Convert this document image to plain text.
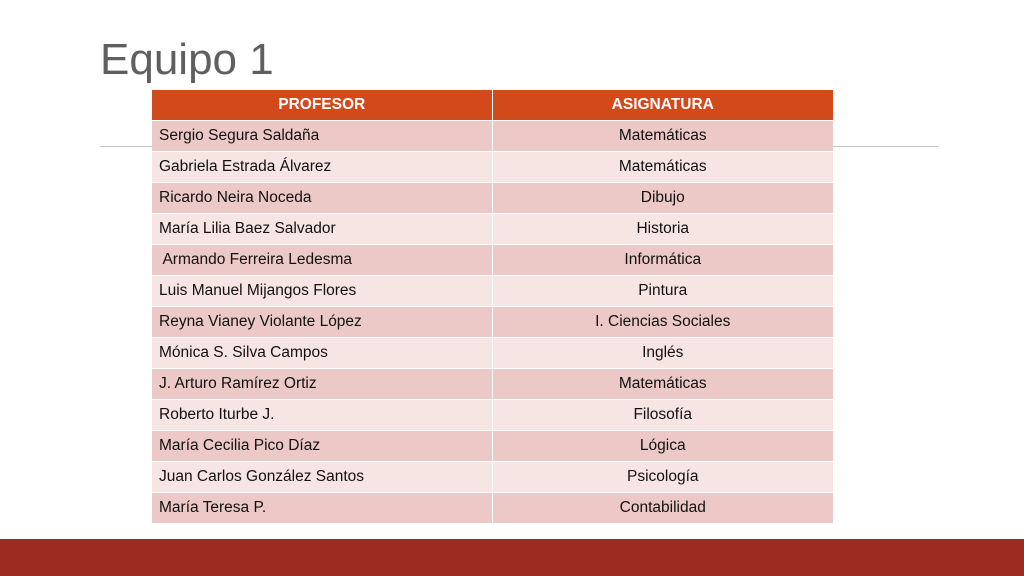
Equipo 1
PROFESOR	ASIGNATURA
Sergio Segura Saldaña	Matemáticas
Gabriela Estrada Álvarez	Matemáticas
Ricardo Neira Noceda	Dibujo
María Lilia Baez Salvador	Historia
Armando Ferreira Ledesma	Informática
Luis Manuel Mijangos Flores	Pintura
Reyna Vianey Violante López	I. Ciencias Sociales
Mónica S. Silva Campos	Inglés
J. Arturo Ramírez Ortiz	Matemáticas
Roberto Iturbe J.	Filosofía
María Cecilia Pico Díaz	Lógica
Juan Carlos González Santos	Psicología
María Teresa P.	Contabilidad
